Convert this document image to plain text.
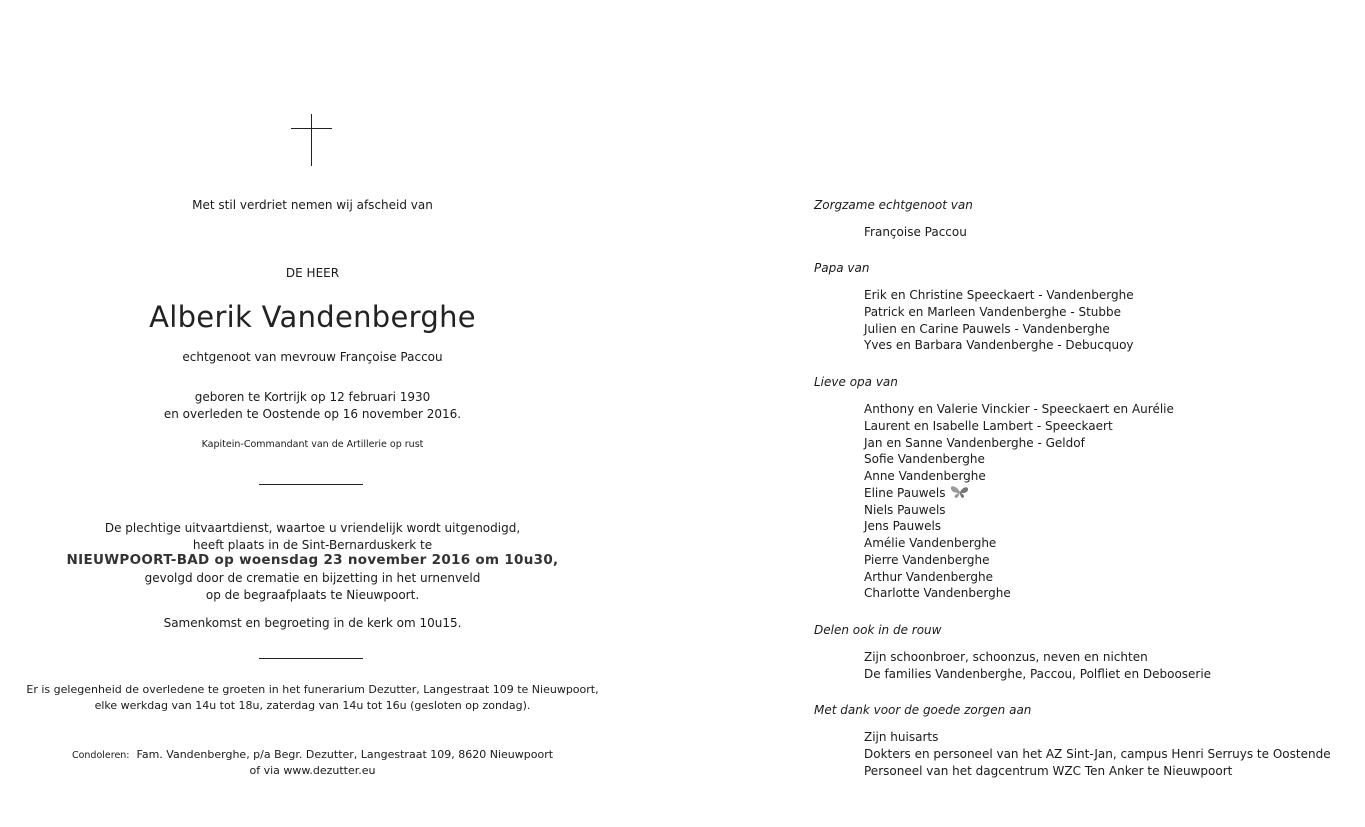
Met stil verdriet nemen wij afscheid van
DE HEER
Alberik Vandenberghe
echtgenoot van mevrouw Françoise Paccou
geboren te Kortrijk op 12 februari 1930
en overleden te Oostende op 16 november 2016.
Kapitein-Commandant van de Artillerie op rust
De plechtige uitvaartdienst, waartoe u vriendelijk wordt uitgenodigd,
heeft plaats in de Sint-Bernarduskerk te
NIEUWPOORT-BAD op woensdag 23 november 2016 om 10u30,
gevolgd door de crematie en bijzetting in het urnenveld
op de begraafplaats te Nieuwpoort.
Samenkomst en begroeting in de kerk om 10u15.
Er is gelegenheid de overledene te groeten in het funerarium Dezutter, Langestraat 109 te Nieuwpoort,
elke werkdag van 14u tot 18u, zaterdag van 14u tot 16u (gesloten op zondag).
Condoleren: Fam. Vandenberghe, p/a Begr. Dezutter, Langestraat 109, 8620 Nieuwpoort
of via www.dezutter.eu
Zorgzame echtgenoot van
Françoise Paccou
Papa van
Erik en Christine Speeckaert - Vandenberghe
Patrick en Marleen Vandenberghe - Stubbe
Julien en Carine Pauwels - Vandenberghe
Yves en Barbara Vandenberghe - Debucquoy
Lieve opa van
Anthony en Valerie Vinckier - Speeckaert en Aurélie
Laurent en Isabelle Lambert - Speeckaert
Jan en Sanne Vandenberghe - Geldof
Sofie Vandenberghe
Anne Vandenberghe
Eline Pauwels
Niels Pauwels
Jens Pauwels
Amélie Vandenberghe
Pierre Vandenberghe
Arthur Vandenberghe
Charlotte Vandenberghe
Delen ook in de rouw
Zijn schoonbroer, schoonzus, neven en nichten
De families Vandenberghe, Paccou, Polfliet en Debooserie
Met dank voor de goede zorgen aan
Zijn huisarts
Dokters en personeel van het AZ Sint-Jan, campus Henri Serruys te Oostende
Personeel van het dagcentrum WZC Ten Anker te Nieuwpoort
